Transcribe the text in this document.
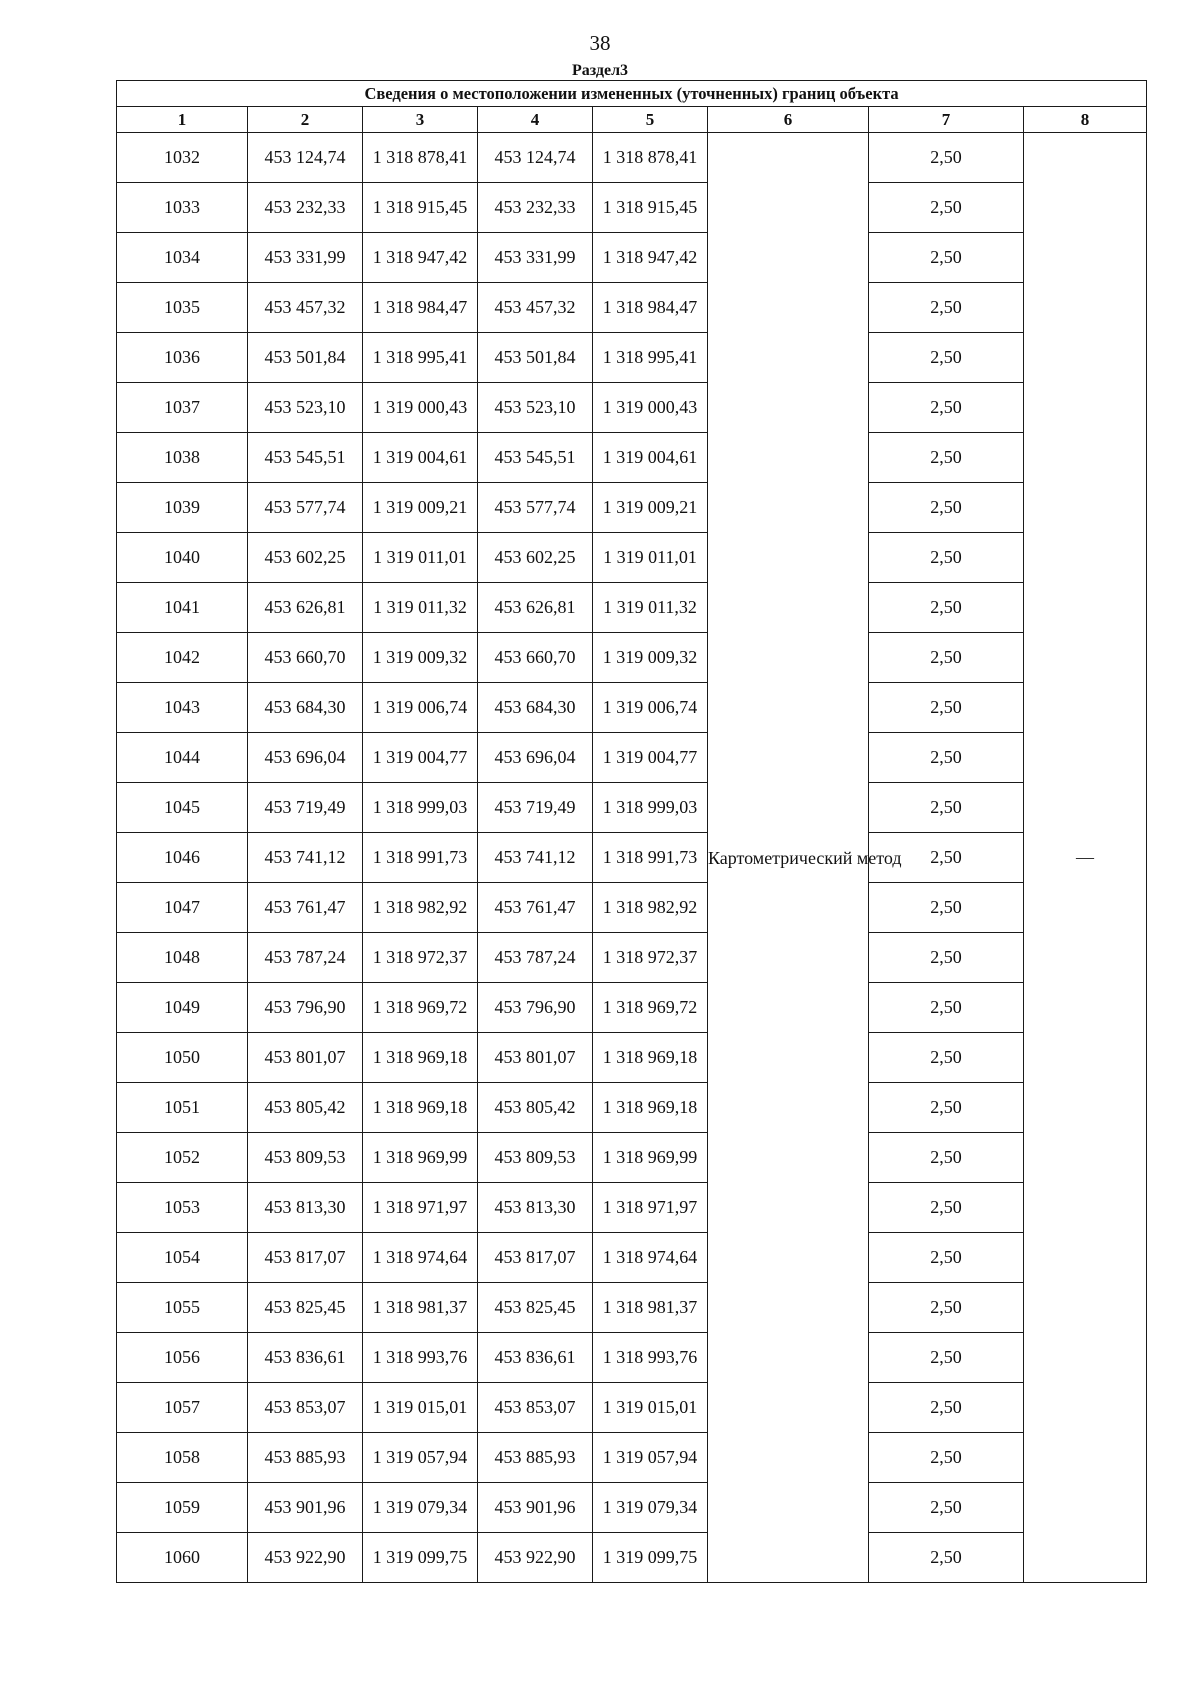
38
Раздел3
Сведения о местоположении измененных (уточненных) границ объекта							
1	2	3	4	5	6	7	8
1032	453 124,74	1 318 878,41	453 124,74	1 318 878,41	Картометрический метод	2,50	—
1033	453 232,33	1 318 915,45	453 232,33	1 318 915,45		2,50	
1034	453 331,99	1 318 947,42	453 331,99	1 318 947,42		2,50	
1035	453 457,32	1 318 984,47	453 457,32	1 318 984,47		2,50	
1036	453 501,84	1 318 995,41	453 501,84	1 318 995,41		2,50	
1037	453 523,10	1 319 000,43	453 523,10	1 319 000,43		2,50	
1038	453 545,51	1 319 004,61	453 545,51	1 319 004,61		2,50	
1039	453 577,74	1 319 009,21	453 577,74	1 319 009,21		2,50	
1040	453 602,25	1 319 011,01	453 602,25	1 319 011,01		2,50	
1041	453 626,81	1 319 011,32	453 626,81	1 319 011,32		2,50	
1042	453 660,70	1 319 009,32	453 660,70	1 319 009,32		2,50	
1043	453 684,30	1 319 006,74	453 684,30	1 319 006,74		2,50	
1044	453 696,04	1 319 004,77	453 696,04	1 319 004,77		2,50	
1045	453 719,49	1 318 999,03	453 719,49	1 318 999,03		2,50	
1046	453 741,12	1 318 991,73	453 741,12	1 318 991,73		2,50	
1047	453 761,47	1 318 982,92	453 761,47	1 318 982,92		2,50	
1048	453 787,24	1 318 972,37	453 787,24	1 318 972,37		2,50	
1049	453 796,90	1 318 969,72	453 796,90	1 318 969,72		2,50	
1050	453 801,07	1 318 969,18	453 801,07	1 318 969,18		2,50	
1051	453 805,42	1 318 969,18	453 805,42	1 318 969,18		2,50	
1052	453 809,53	1 318 969,99	453 809,53	1 318 969,99		2,50	
1053	453 813,30	1 318 971,97	453 813,30	1 318 971,97		2,50	
1054	453 817,07	1 318 974,64	453 817,07	1 318 974,64		2,50	
1055	453 825,45	1 318 981,37	453 825,45	1 318 981,37		2,50	
1056	453 836,61	1 318 993,76	453 836,61	1 318 993,76		2,50	
1057	453 853,07	1 319 015,01	453 853,07	1 319 015,01		2,50	
1058	453 885,93	1 319 057,94	453 885,93	1 319 057,94		2,50	
1059	453 901,96	1 319 079,34	453 901,96	1 319 079,34		2,50	
1060	453 922,90	1 319 099,75	453 922,90	1 319 099,75		2,50	
